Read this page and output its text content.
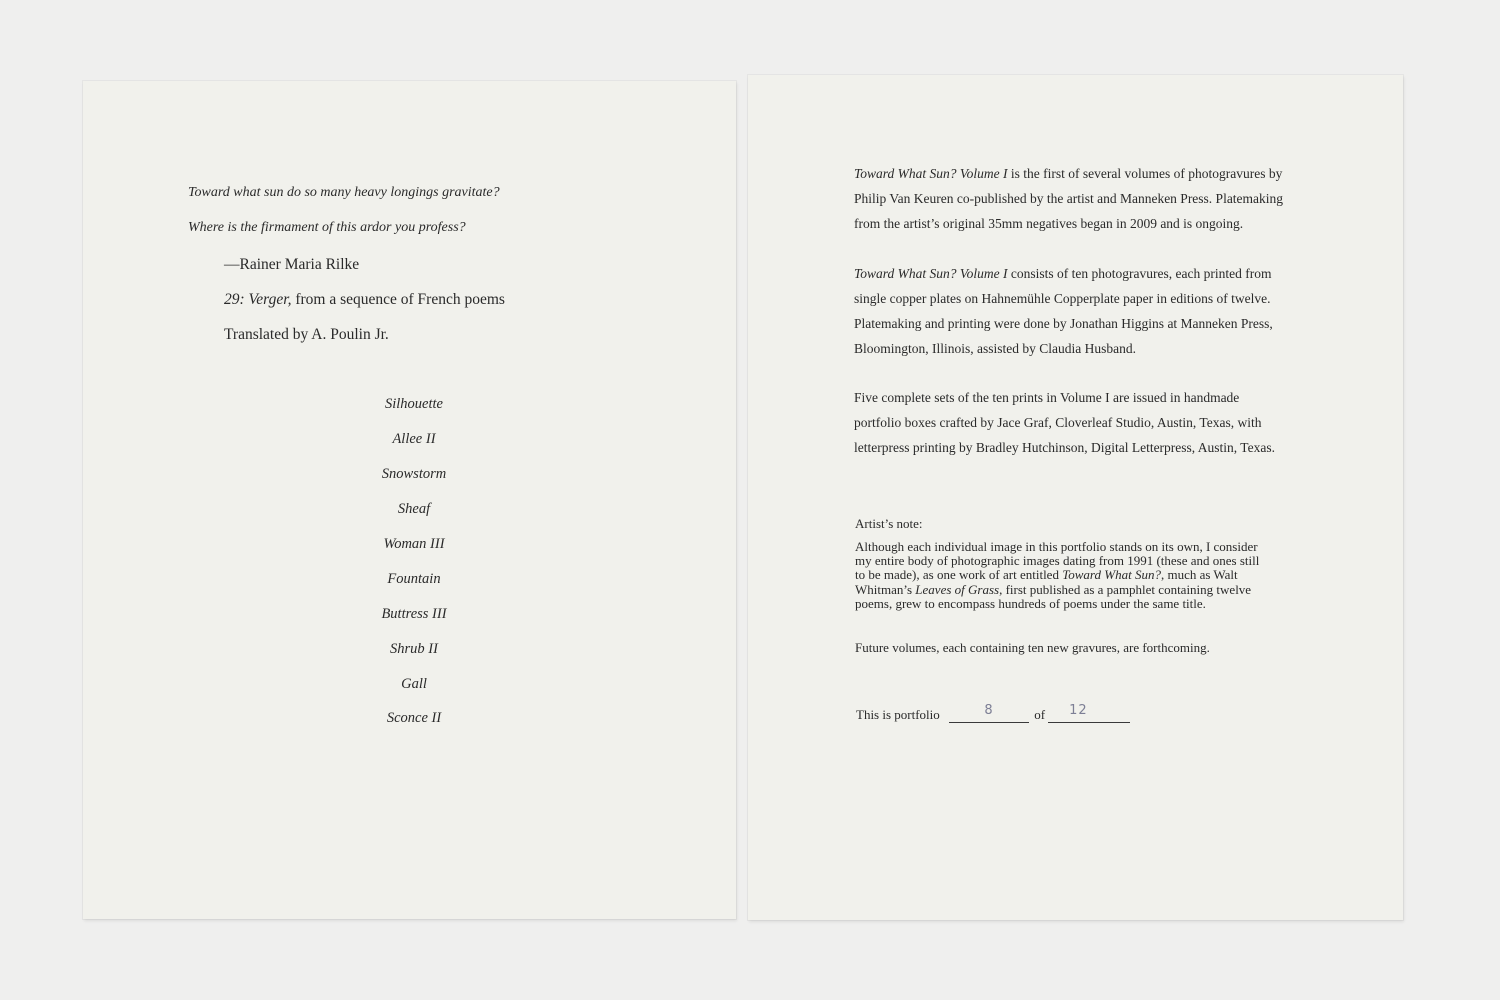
Toward what sun do so many heavy longings gravitate?
Where is the firmament of this ardor you profess?
—Rainer Maria Rilke
29: Verger, from a sequence of French poems
Translated by A. Poulin Jr.
Silhouette
Allee II
Snowstorm
Sheaf
Woman III
Fountain
Buttress III
Shrub II
Gall
Sconce II

Toward What Sun? Volume I is the first of several volumes of photogravures by
Philip Van Keuren co-published by the artist and Manneken Press. Platemaking
from the artist’s original 35mm negatives began in 2009 and is ongoing.

Toward What Sun? Volume I consists of ten photogravures, each printed from
single copper plates on Hahnemühle Copperplate paper in editions of twelve.
Platemaking and printing were done by Jonathan Higgins at Manneken Press,
Bloomington, Illinois, assisted by Claudia Husband.

Five complete sets of the ten prints in Volume I are issued in handmade
portfolio boxes crafted by Jace Graf, Cloverleaf Studio, Austin, Texas, with
letterpress printing by Bradley Hutchinson, Digital Letterpress, Austin, Texas.

Artist’s note:

Although each individual image in this portfolio stands on its own, I consider
my entire body of photographic images dating from 1991 (these and ones still
to be made), as one work of art entitled Toward What Sun?, much as Walt
Whitman’s Leaves of Grass, first published as a pamphlet containing twelve
poems, grew to encompass hundreds of poems under the same title.

Future volumes, each containing ten new gravures, are forthcoming.
This is portfolio	8	of 12
